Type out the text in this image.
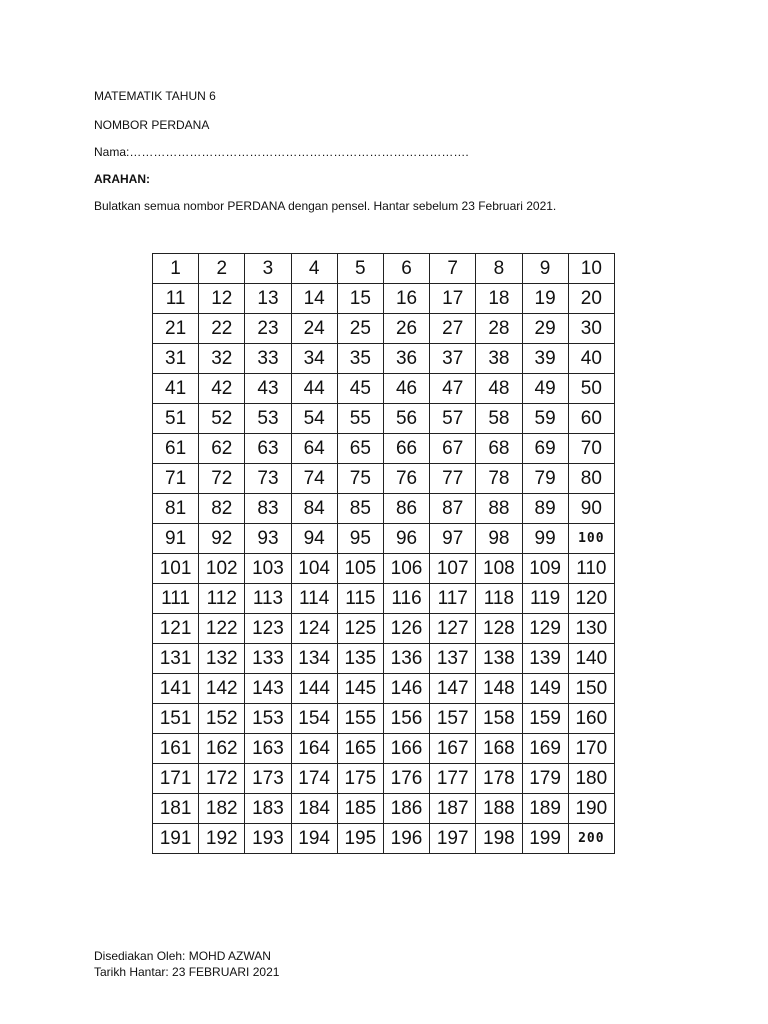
MATEMATIK TAHUN 6
NOMBOR PERDANA
Nama:………………………………………………………………………….
ARAHAN:
Bulatkan semua nombor PERDANA dengan pensel. Hantar sebelum 23 Februari 2021.
1	2	3	4	5	6	7	8	9	10
11	12	13	14	15	16	17	18	19	20
21	22	23	24	25	26	27	28	29	30
31	32	33	34	35	36	37	38	39	40
41	42	43	44	45	46	47	48	49	50
51	52	53	54	55	56	57	58	59	60
61	62	63	64	65	66	67	68	69	70
71	72	73	74	75	76	77	78	79	80
81	82	83	84	85	86	87	88	89	90
91	92	93	94	95	96	97	98	99	100
101	102	103	104	105	106	107	108	109	110
111	112	113	114	115	116	117	118	119	120
121	122	123	124	125	126	127	128	129	130
131	132	133	134	135	136	137	138	139	140
141	142	143	144	145	146	147	148	149	150
151	152	153	154	155	156	157	158	159	160
161	162	163	164	165	166	167	168	169	170
171	172	173	174	175	176	177	178	179	180
181	182	183	184	185	186	187	188	189	190
191	192	193	194	195	196	197	198	199	200
Disediakan Oleh: MOHD AZWAN
Tarikh Hantar: 23 FEBRUARI 2021
